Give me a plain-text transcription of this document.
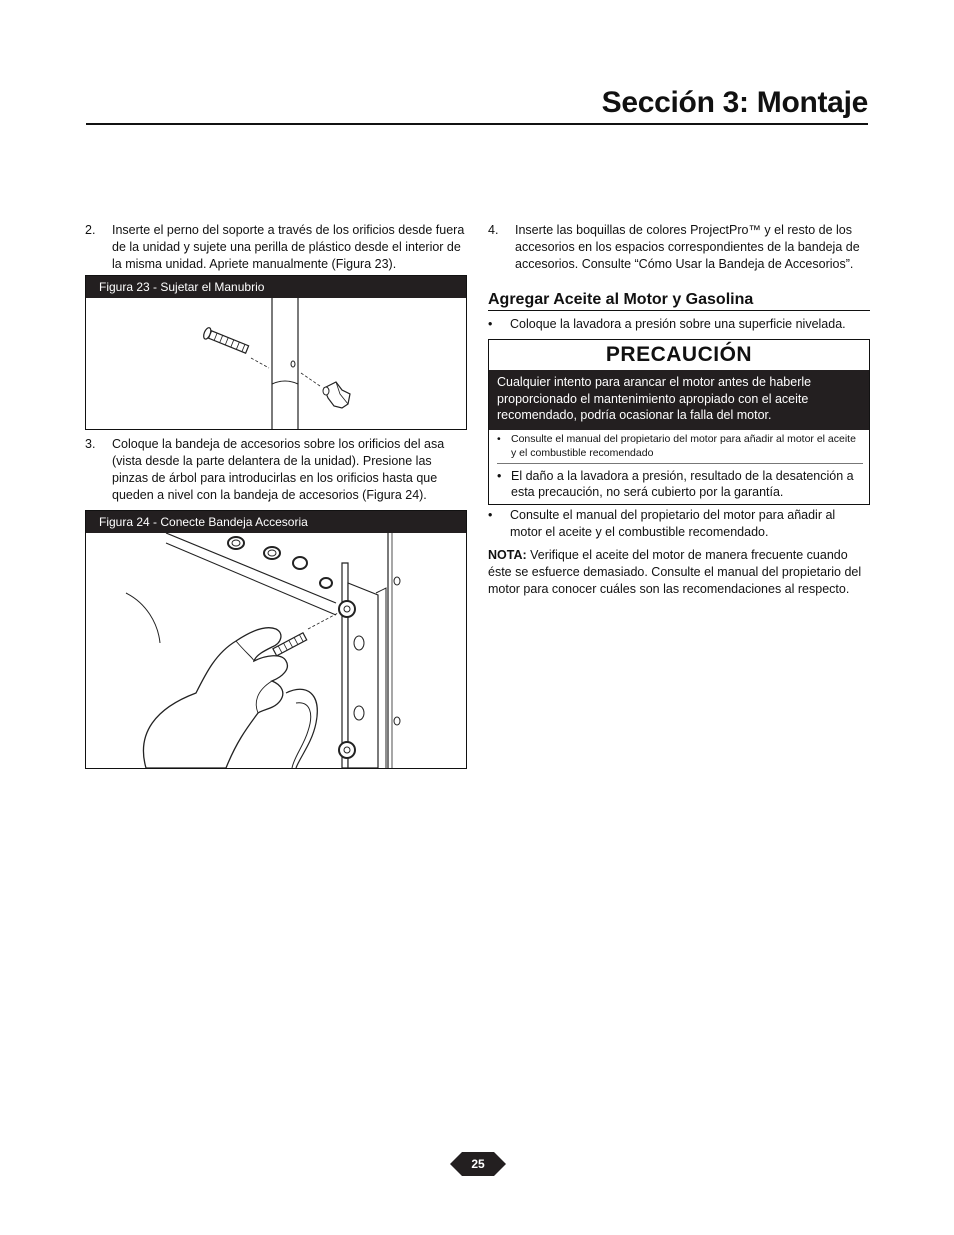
Sección 3: Montaje
2.	Inserte el perno del soporte a través de los orificios desde fuera de la unidad y sujete una perilla de plástico desde el interior de la misma unidad. Apriete manualmente (Figura 23).
Figura 23 - Sujetar el Manubrio
3.	Coloque la bandeja de accesorios sobre los orificios del asa (vista desde la parte delantera de la unidad). Presione las pinzas de árbol para introducirlas en los orificios hasta que queden a nivel con la bandeja de accesorios (Figura 24).
Figura 24 - Conecte Bandeja Accesoria
4.	Inserte las boquillas de colores ProjectPro™ y el resto de los accesorios en los espacios correspondientes de la bandeja de accesorios. Consulte “Cómo Usar la Bandeja de Accesorios”.
Agregar Aceite al Motor y Gasolina
•	Coloque la lavadora a presión sobre una superficie nivelada.
PRECAUCIÓN
Cualquier intento para arancar el motor antes de haberle proporcionado el mantenimiento apropiado con el aceite recomendado, podría ocasionar la falla del motor.
• Consulte el manual del propietario del motor para añadir al motor el aceite y el combustible recomendado
• El daño a la lavadora a presión, resultado de la desatención a esta precaución, no será cubierto por la garantía.
•	Consulte el manual del propietario del motor para añadir al motor el aceite y el combustible recomendado.
NOTA: Verifique el aceite del motor de manera frecuente cuando éste se esfuerce demasiado. Consulte el manual del propietario del motor para conocer cuáles son las recomendaciones al respecto.
25
